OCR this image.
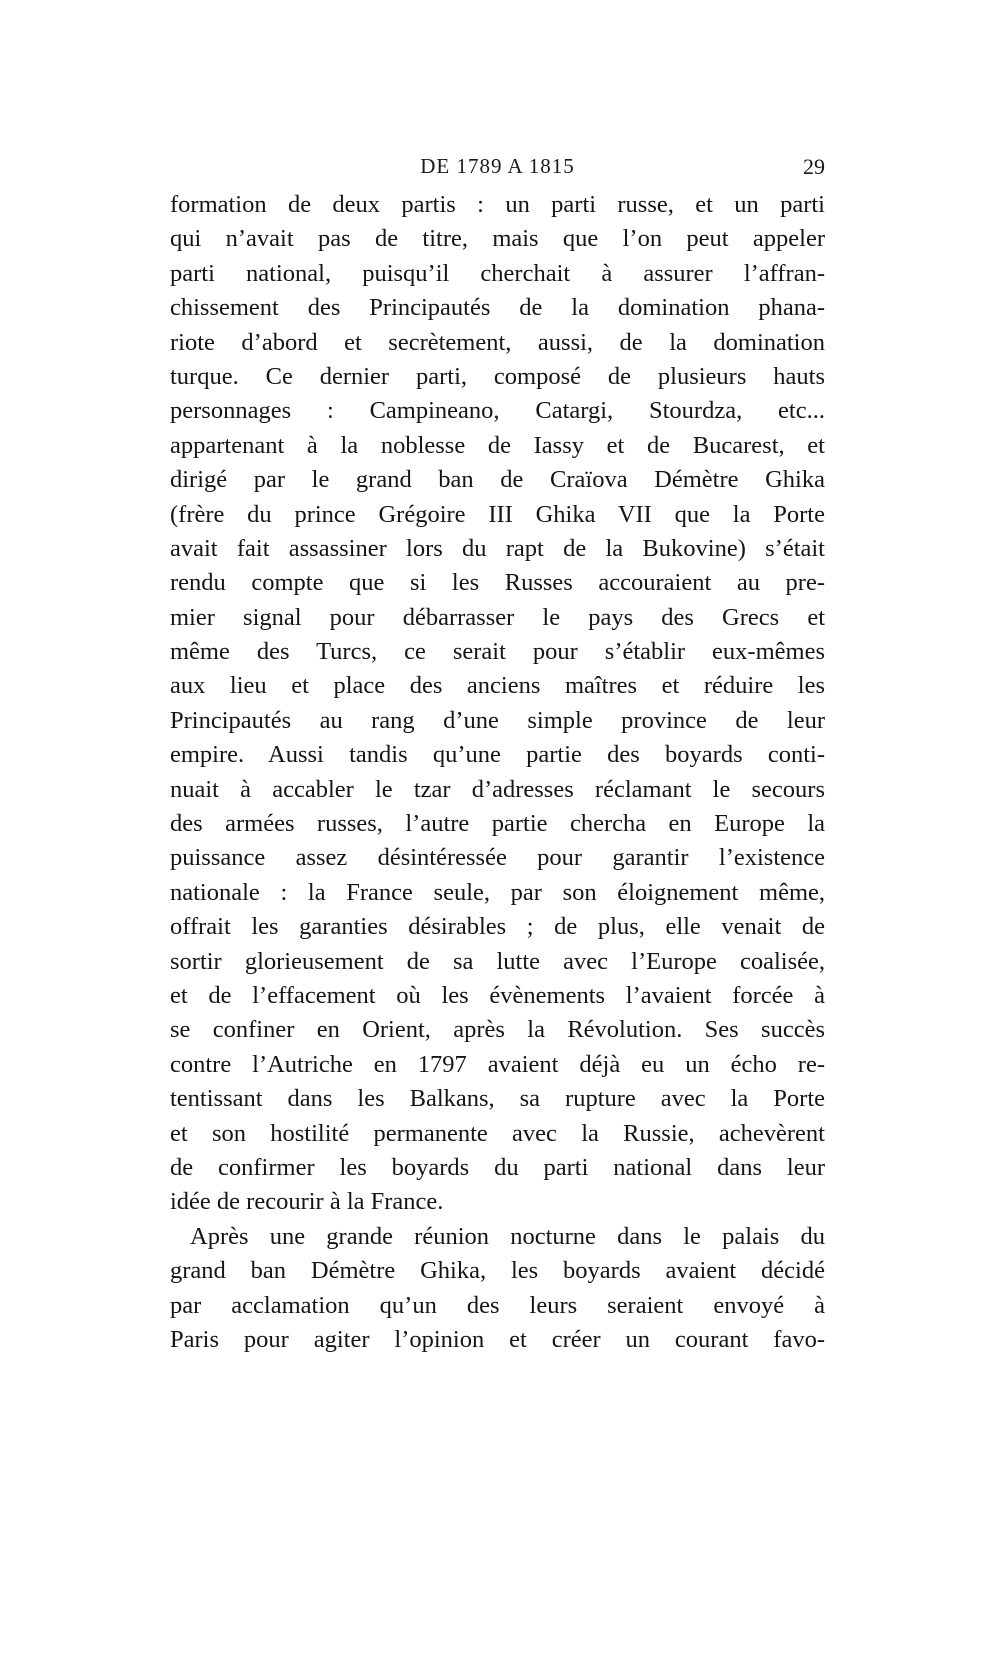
DE 1789 A 1815	29
formation de deux partis : un parti russe, et un parti
qui n’avait pas de titre, mais que l’on peut appeler
parti national, puisqu’il cherchait à assurer l’affran-
chissement des Principautés de la domination phana-
riote d’abord et secrètement, aussi, de la domination
turque. Ce dernier parti, composé de plusieurs hauts
personnages : Campineano, Catargi, Stourdza, etc...
appartenant à la noblesse de Iassy et de Bucarest, et
dirigé par le grand ban de Craïova Démètre Ghika
(frère du prince Grégoire III Ghika VII que la Porte
avait fait assassiner lors du rapt de la Bukovine) s’était
rendu compte que si les Russes accouraient au pre-
mier signal pour débarrasser le pays des Grecs et
même des Turcs, ce serait pour s’établir eux-mêmes
aux lieu et place des anciens maîtres et réduire les
Principautés au rang d’une simple province de leur
empire. Aussi tandis qu’une partie des boyards conti-
nuait à accabler le tzar d’adresses réclamant le secours
des armées russes, l’autre partie chercha en Europe la
puissance assez désintéressée pour garantir l’existence
nationale : la France seule, par son éloignement même,
offrait les garanties désirables ; de plus, elle venait de
sortir glorieusement de sa lutte avec l’Europe coalisée,
et de l’effacement où les évènements l’avaient forcée à
se confiner en Orient, après la Révolution. Ses succès
contre l’Autriche en 1797 avaient déjà eu un écho re-
tentissant dans les Balkans, sa rupture avec la Porte
et son hostilité permanente avec la Russie, achevèrent
de confirmer les boyards du parti national dans leur
idée de recourir à la France.
Après une grande réunion nocturne dans le palais du
grand ban Démètre Ghika, les boyards avaient décidé
par acclamation qu’un des leurs seraient envoyé à
Paris pour agiter l’opinion et créer un courant favo-
